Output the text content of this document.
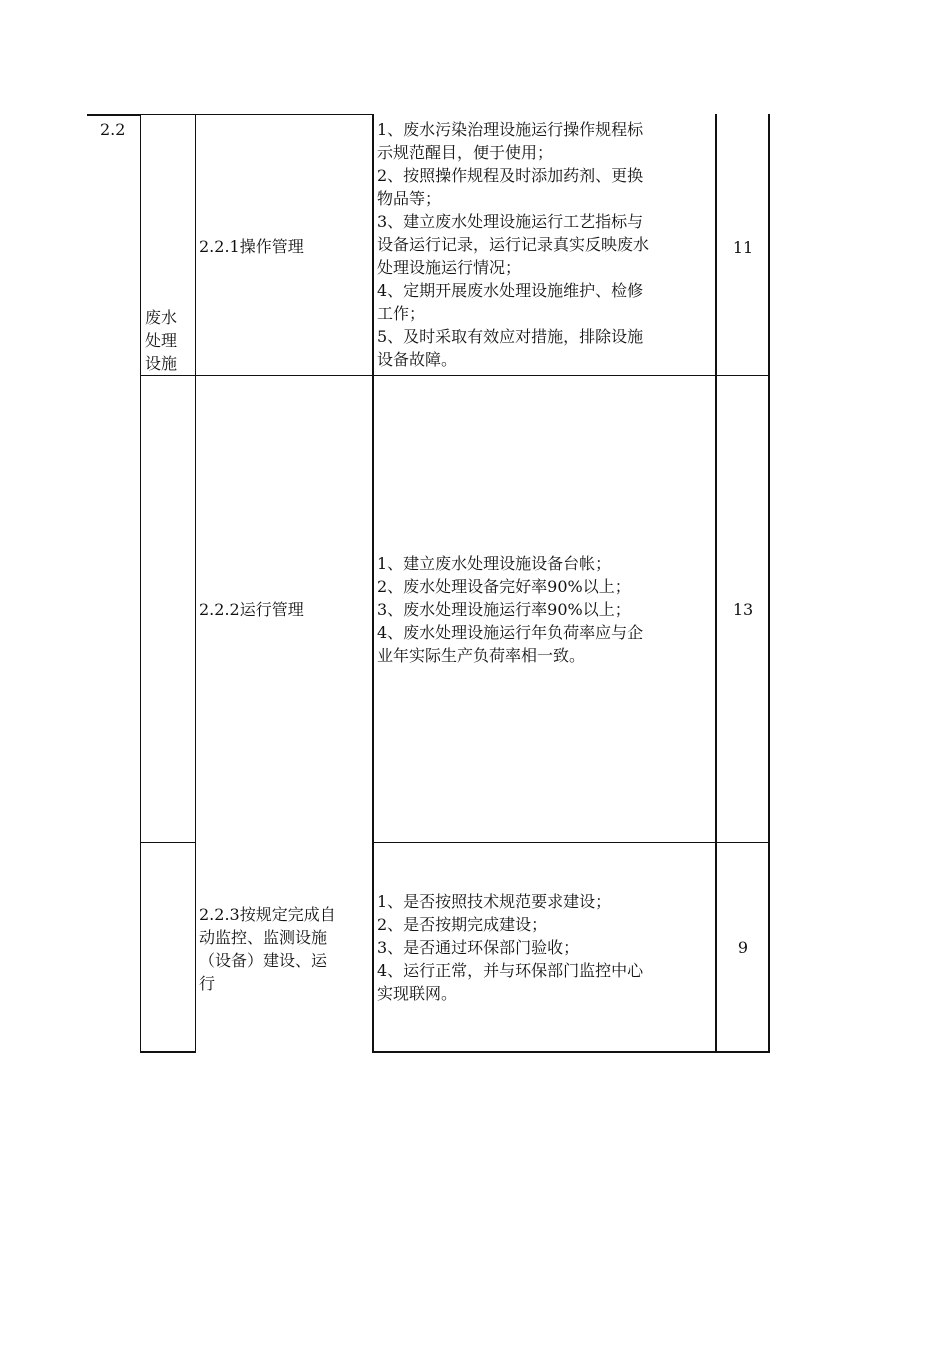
2.2
废水
处理
设施
2.2.1操作管理
1、废水污染治理设施运行操作规程标
示规范醒目，便于使用；
2、按照操作规程及时添加药剂、更换
物品等；
3、建立废水处理设施运行工艺指标与
设备运行记录，运行记录真实反映废水
处理设施运行情况；
4、定期开展废水处理设施维护、检修
工作；
5、及时采取有效应对措施，排除设施
设备故障。
11
2.2.2运行管理
1、建立废水处理设施设备台帐；
2、废水处理设备完好率90%以上；
3、废水处理设施运行率90%以上；
4、废水处理设施运行年负荷率应与企
业年实际生产负荷率相一致。
13
2.2.3按规定完成自
动监控、监测设施
（设备）建设、运
行
1、是否按照技术规范要求建设；
2、是否按期完成建设；
3、是否通过环保部门验收；
4、运行正常，并与环保部门监控中心
实现联网。
9
